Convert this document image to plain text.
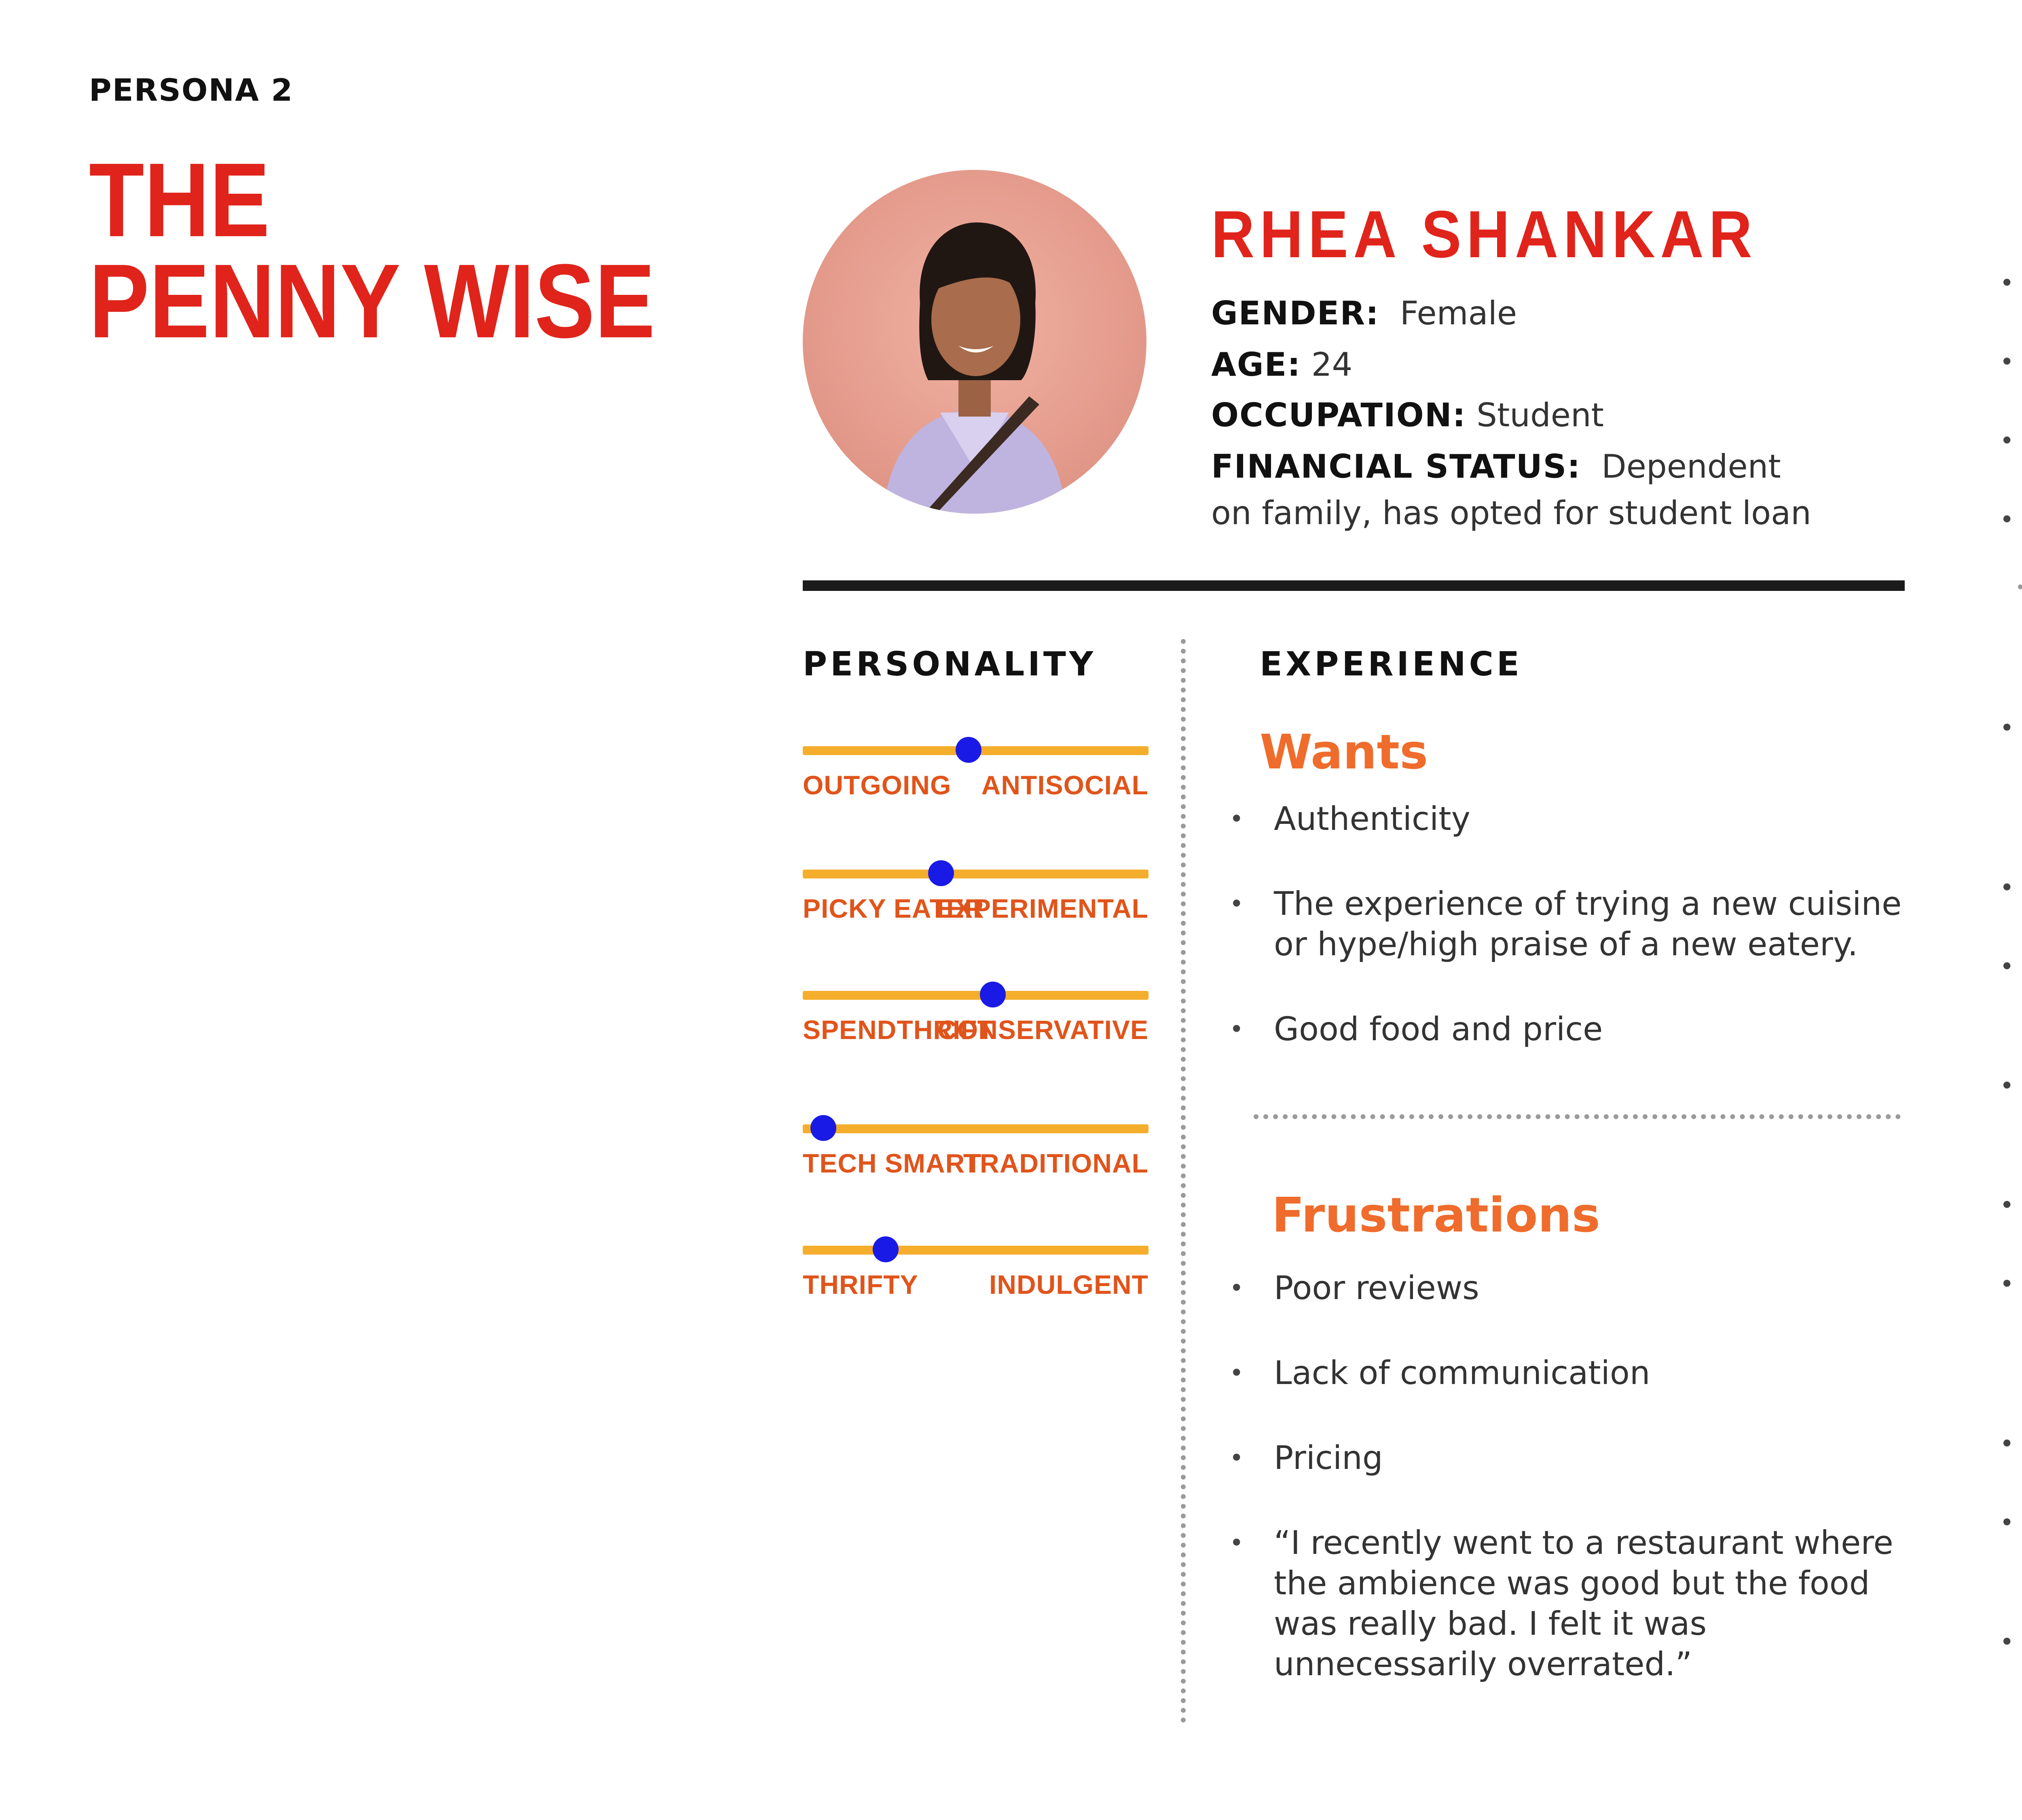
PERSONA 2
THE
PENNY WISE
RHEA SHANKAR
GENDER: Female
AGE: 24
OCCUPATION: Student
FINANCIAL STATUS: Dependent
on family, has opted for student loan
PERSONALITY
OUTGOING ANTISOCIAL
PICKY EATER
EXPERIMENTAL
SPENDTHRIFT
CONSERVATIVE
TECH SMART
TRADITIONAL
THRIFTY	INDULGENT
EXPERIENCE
Wants
• Authenticity
• The experience of trying a new cuisine or hype/high praise of a new eatery.
• Good food and price
Frustrations
• Poor reviews
• Lack of communication
• Pricing
• “I recently went to a restaurant where the ambience was good but the food was really bad. I felt it was unnecessarily overrated.”
•
•
•
•
•
•
•
•
•
•
•
•
•
